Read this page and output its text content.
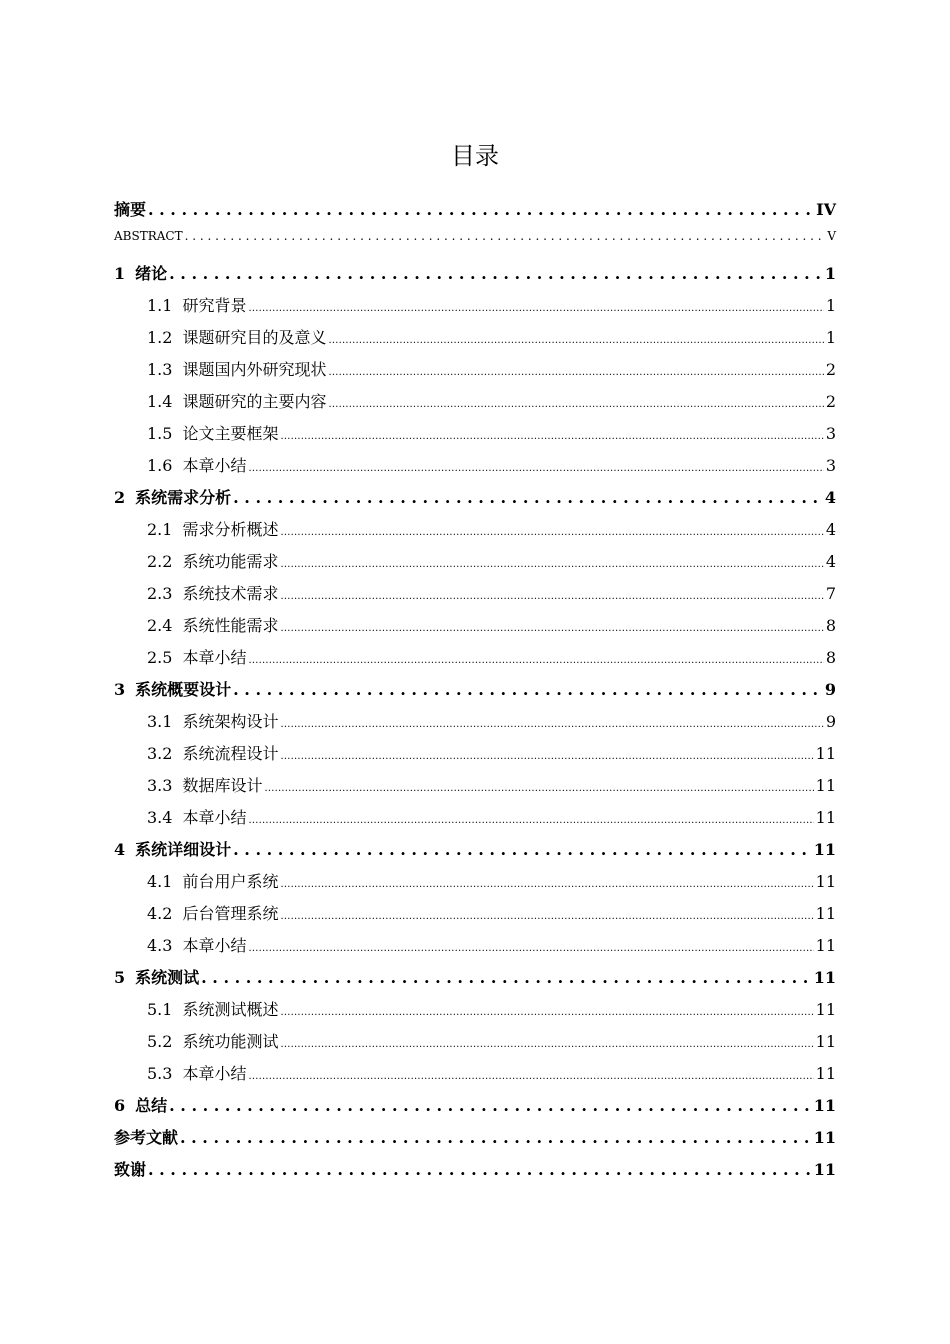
目录
摘要 . . .	IV
ABSTRACT . . .	V
1 绪论 . . .	1
1.1 研究背景 .....	1
1.2 课题研究目的及意义 .....	1
1.3 课题国内外研究现状 .....	2
1.4 课题研究的主要内容 .....	2
1.5 论文主要框架 .....	3
1.6 本章小结 .....	3
2 系统需求分析 . . .	4
2.1 需求分析概述 .....	4
2.2 系统功能需求 .....	4
2.3 系统技术需求 .....	7
2.4 系统性能需求 .....	8
2.5 本章小结 .....	8
3 系统概要设计 . . .	9
3.1 系统架构设计 .....	9
3.2 系统流程设计 .....	11
3.3 数据库设计 .....	11
3.4 本章小结 .....	11
4 系统详细设计 . . .	11
4.1 前台用户系统 .....	11
4.2 后台管理系统 .....	11
4.3 本章小结 .....	11
5 系统测试 . . .	11
5.1 系统测试概述 .....	11
5.2 系统功能测试 .....	11
5.3 本章小结 .....	11
6 总结 . . .	11
参考文献 . . .	11
致谢 . . .	11
